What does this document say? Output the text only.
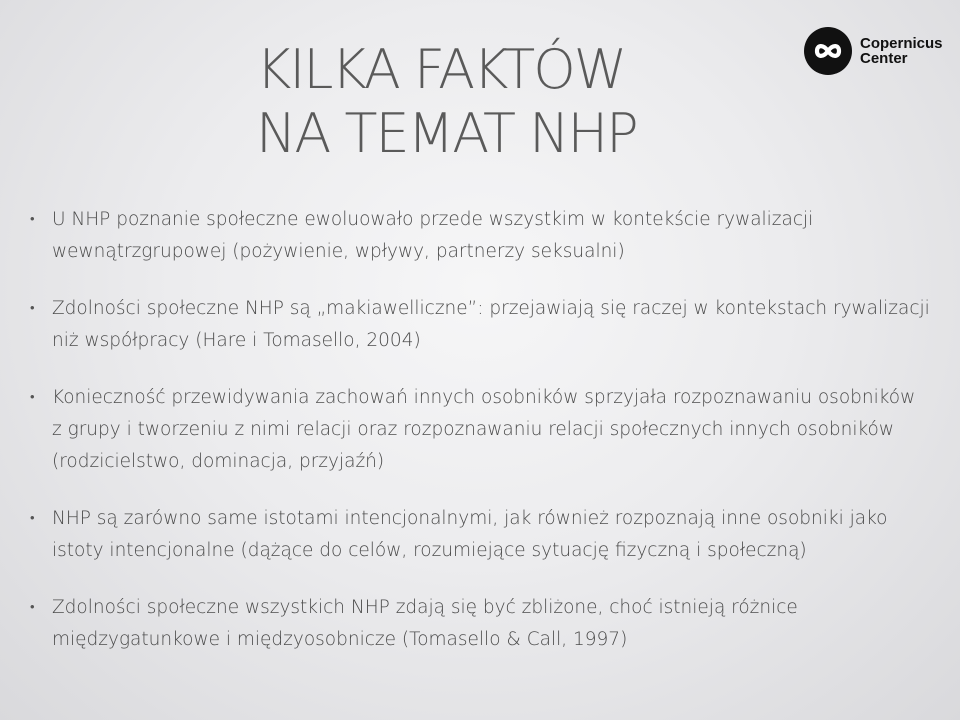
KILKA FAKTÓW
NA TEMAT NHP
Copernicus
Center
• U NHP poznanie społeczne ewoluowało przede wszystkim w kontekście rywalizacji wewnątrzgrupowej (pożywienie, wpływy, partnerzy seksualni)
• Zdolności społeczne NHP są „makiawelliczne”: przejawiają się raczej w kontekstach rywalizacji niż współpracy (Hare i Tomasello, 2004)
• Konieczność przewidywania zachowań innych osobników sprzyjała rozpoznawaniu osobników z grupy i tworzeniu z nimi relacji oraz rozpoznawaniu relacji społecznych innych osobników (rodzicielstwo, dominacja, przyjaźń)
• NHP są zarówno same istotami intencjonalnymi, jak również rozpoznają inne osobniki jako istoty intencjonalne (dążące do celów, rozumiejące sytuację fizyczną i społeczną)
• Zdolności społeczne wszystkich NHP zdają się być zbliżone, choć istnieją różnice międzygatunkowe i międzyosobnicze (Tomasello & Call, 1997)
